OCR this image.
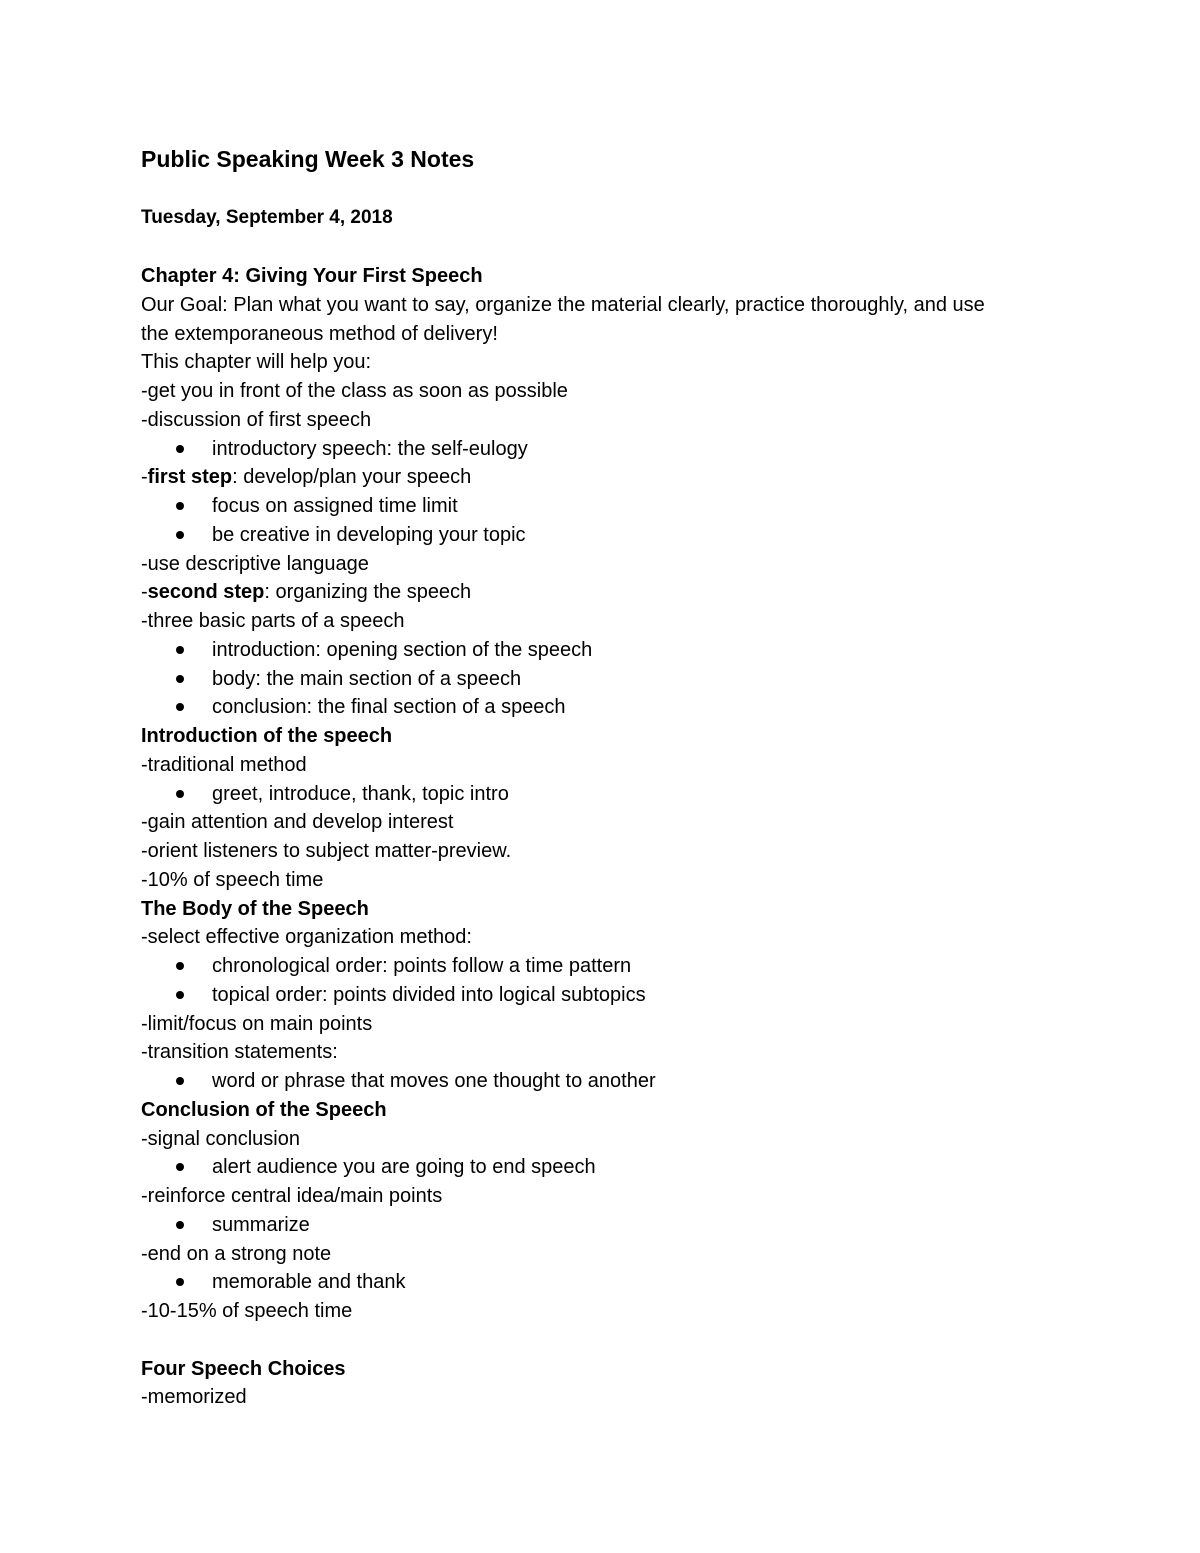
Public Speaking Week 3 Notes
Tuesday, September 4, 2018
Chapter 4: Giving Your First Speech
Our Goal: Plan what you want to say, organize the material clearly, practice thoroughly, and use
the extemporaneous method of delivery!
This chapter will help you:
-get you in front of the class as soon as possible
-discussion of first speech
introductory speech: the self-eulogy
-first step: develop/plan your speech
focus on assigned time limit
be creative in developing your topic
-use descriptive language
-second step: organizing the speech
-three basic parts of a speech
introduction: opening section of the speech
body: the main section of a speech
conclusion: the final section of a speech
Introduction of the speech
-traditional method
greet, introduce, thank, topic intro
-gain attention and develop interest
-orient listeners to subject matter-preview.
-10% of speech time
The Body of the Speech
-select effective organization method:
chronological order: points follow a time pattern
topical order: points divided into logical subtopics
-limit/focus on main points
-transition statements:
word or phrase that moves one thought to another
Conclusion of the Speech
-signal conclusion
alert audience you are going to end speech
-reinforce central idea/main points
summarize
-end on a strong note
memorable and thank
-10-15% of speech time
Four Speech Choices
-memorized
